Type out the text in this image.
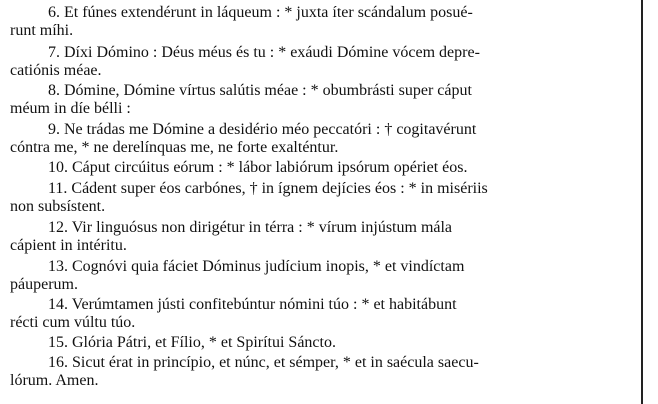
6. Et fúnes extendérunt in láqueum : * juxta íter scándalum posué-
runt míhi.
7. Díxi Dómino : Déus méus és tu : * exáudi Dómine vócem depre-
catiónis méae.
8. Dómine, Dómine vírtus salútis méae : * obumbrásti super cáput
méum in díe bélli :
9. Ne trádas me Dómine a desidério méo peccatóri : † cogitavérunt
cóntra me, * ne derelínquas me, ne forte exalténtur.
10. Cáput circúitus eórum : * lábor labiórum ipsórum opériet éos.
11. Cádent super éos carbónes, † in ígnem dejícies éos : * in misériis
non subsístent.
12. Vir linguósus non dirigétur in térra : * vírum injústum mála
cápient in intéritu.
13. Cognóvi quia fáciet Dóminus judícium inopis, * et vindíctam
páuperum.
14. Verúmtamen jústi confitebúntur nómini túo : * et habitábunt
récti cum vúltu túo.
15. Glória Pátri, et Fílio, * et Spirítui Sáncto.
16. Sicut érat in princípio, et núnc, et sémper, * et in saécula saecu-
lórum. Amen.
